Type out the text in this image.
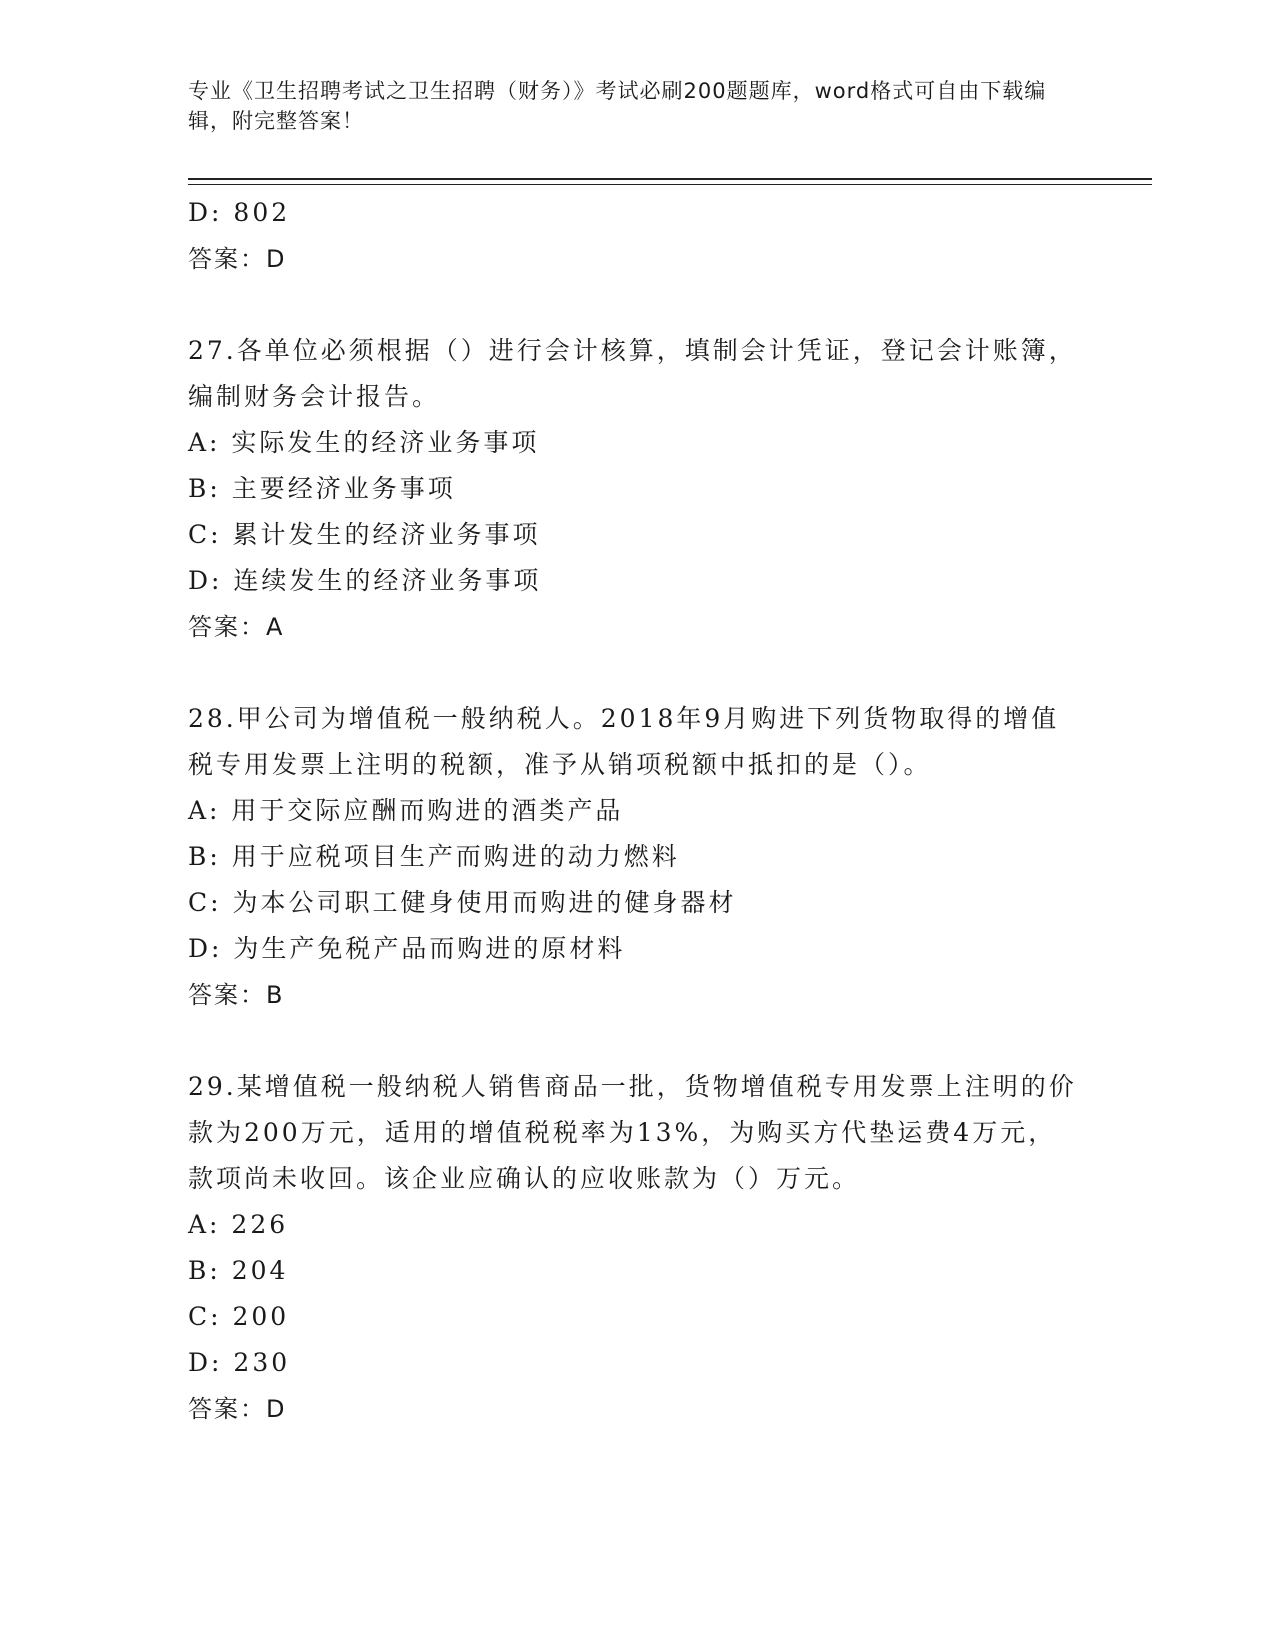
专业《卫生招聘考试之卫生招聘（财务）》考试必刷200题题库，word格式可自由下载编辑，附完整答案！
D: 802
答案：D
27.各单位必须根据（）进行会计核算，填制会计凭证，登记会计账簿，编制财务会计报告。
A: 实际发生的经济业务事项
B: 主要经济业务事项
C: 累计发生的经济业务事项
D: 连续发生的经济业务事项
答案：A
28.甲公司为增值税一般纳税人。2018年9月购进下列货物取得的增值税专用发票上注明的税额，准予从销项税额中抵扣的是（）。
A: 用于交际应酬而购进的酒类产品
B: 用于应税项目生产而购进的动力燃料
C: 为本公司职工健身使用而购进的健身器材
D: 为生产免税产品而购进的原材料
答案：B
29.某增值税一般纳税人销售商品一批，货物增值税专用发票上注明的价款为200万元，适用的增值税税率为13%，为购买方代垫运费4万元，款项尚未收回。该企业应确认的应收账款为（）万元。
A: 226
B: 204
C: 200
D: 230
答案：D
